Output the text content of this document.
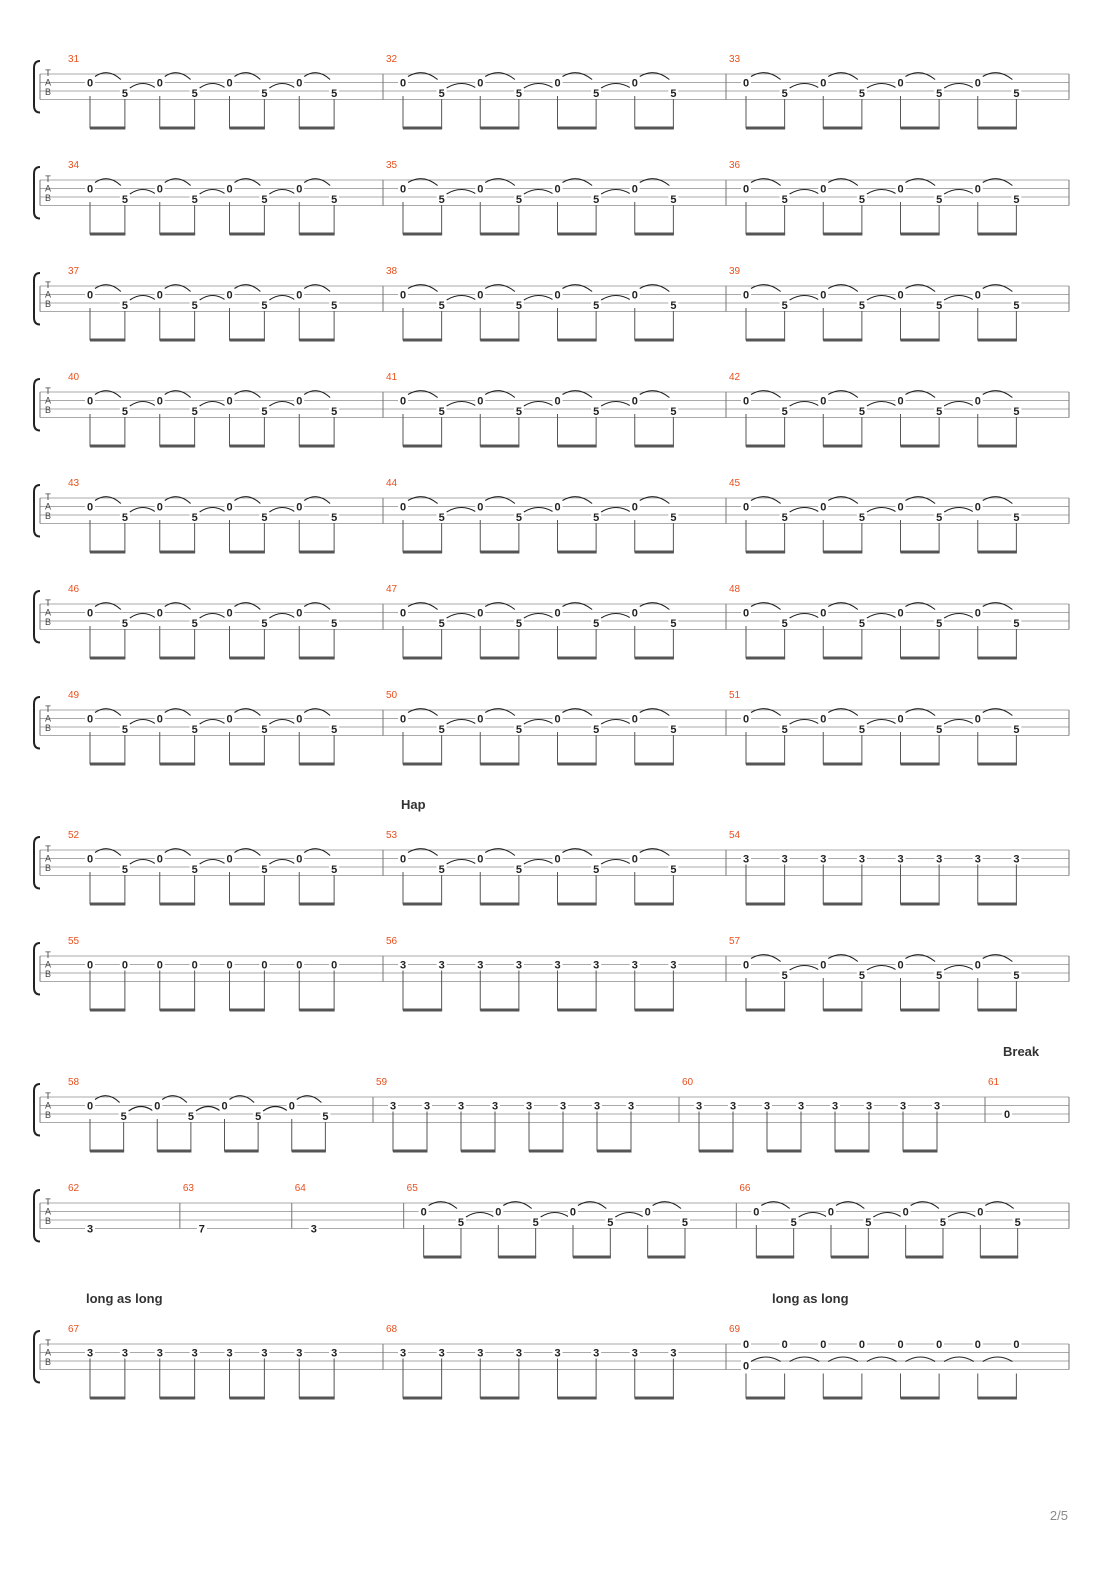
T
A
B
31
0
5
0
5
0
5
0
5
32
0
5
0
5
0
5
0
5
33
0
5
0
5
0
5
0
5
T
A
B
34
0
5
0
5
0
5
0
5
35
0
5
0
5
0
5
0
5
36
0
5
0
5
0
5
0
5
T
A
B
37
0
5
0
5
0
5
0
5
38
0
5
0
5
0
5
0
5
39
0
5
0
5
0
5
0
5
T
A
B
40
0
5
0
5
0
5
0
5
41
0
5
0
5
0
5
0
5
42
0
5
0
5
0
5
0
5
T
A
B
43
0
5
0
5
0
5
0
5
44
0
5
0
5
0
5
0
5
45
0
5
0
5
0
5
0
5
T
A
B
46
0
5
0
5
0
5
0
5
47
0
5
0
5
0
5
0
5
48
0
5
0
5
0
5
0
5
T
A
B
49
0
5
0
5
0
5
0
5
50
0
5
0
5
0
5
0
5
51
0
5
0
5
0
5
0
5
T
A
B
52
0
5
0
5
0
5
0
5
53
Hap
0
5
0
5
0
5
0
5
54
3	3	3	3	3	3	3	3
T
A
B
55
0	0	0	0	0	0	0	0
56
3	3	3	3	3	3	3	3
57
0
5
0
5
0
5
0
5
T
A
B
58
0
5
0
5
0
5
0
5
59
3	3	3	3	3	3	3	3
60
3	3	3	3	3	3	3	3
61
Break
0
T
A
B
62
3
63
7
64
3
65
0
5
0
5
0
5
0
5
66
0
5
0
5
0
5
0
5
T
A
B
67
long as long
3	3	3	3	3	3	3	3
68
3	3	3	3	3	3	3	3
69
long as long
0	0
0
0	0	0	0	0	0
2/5
